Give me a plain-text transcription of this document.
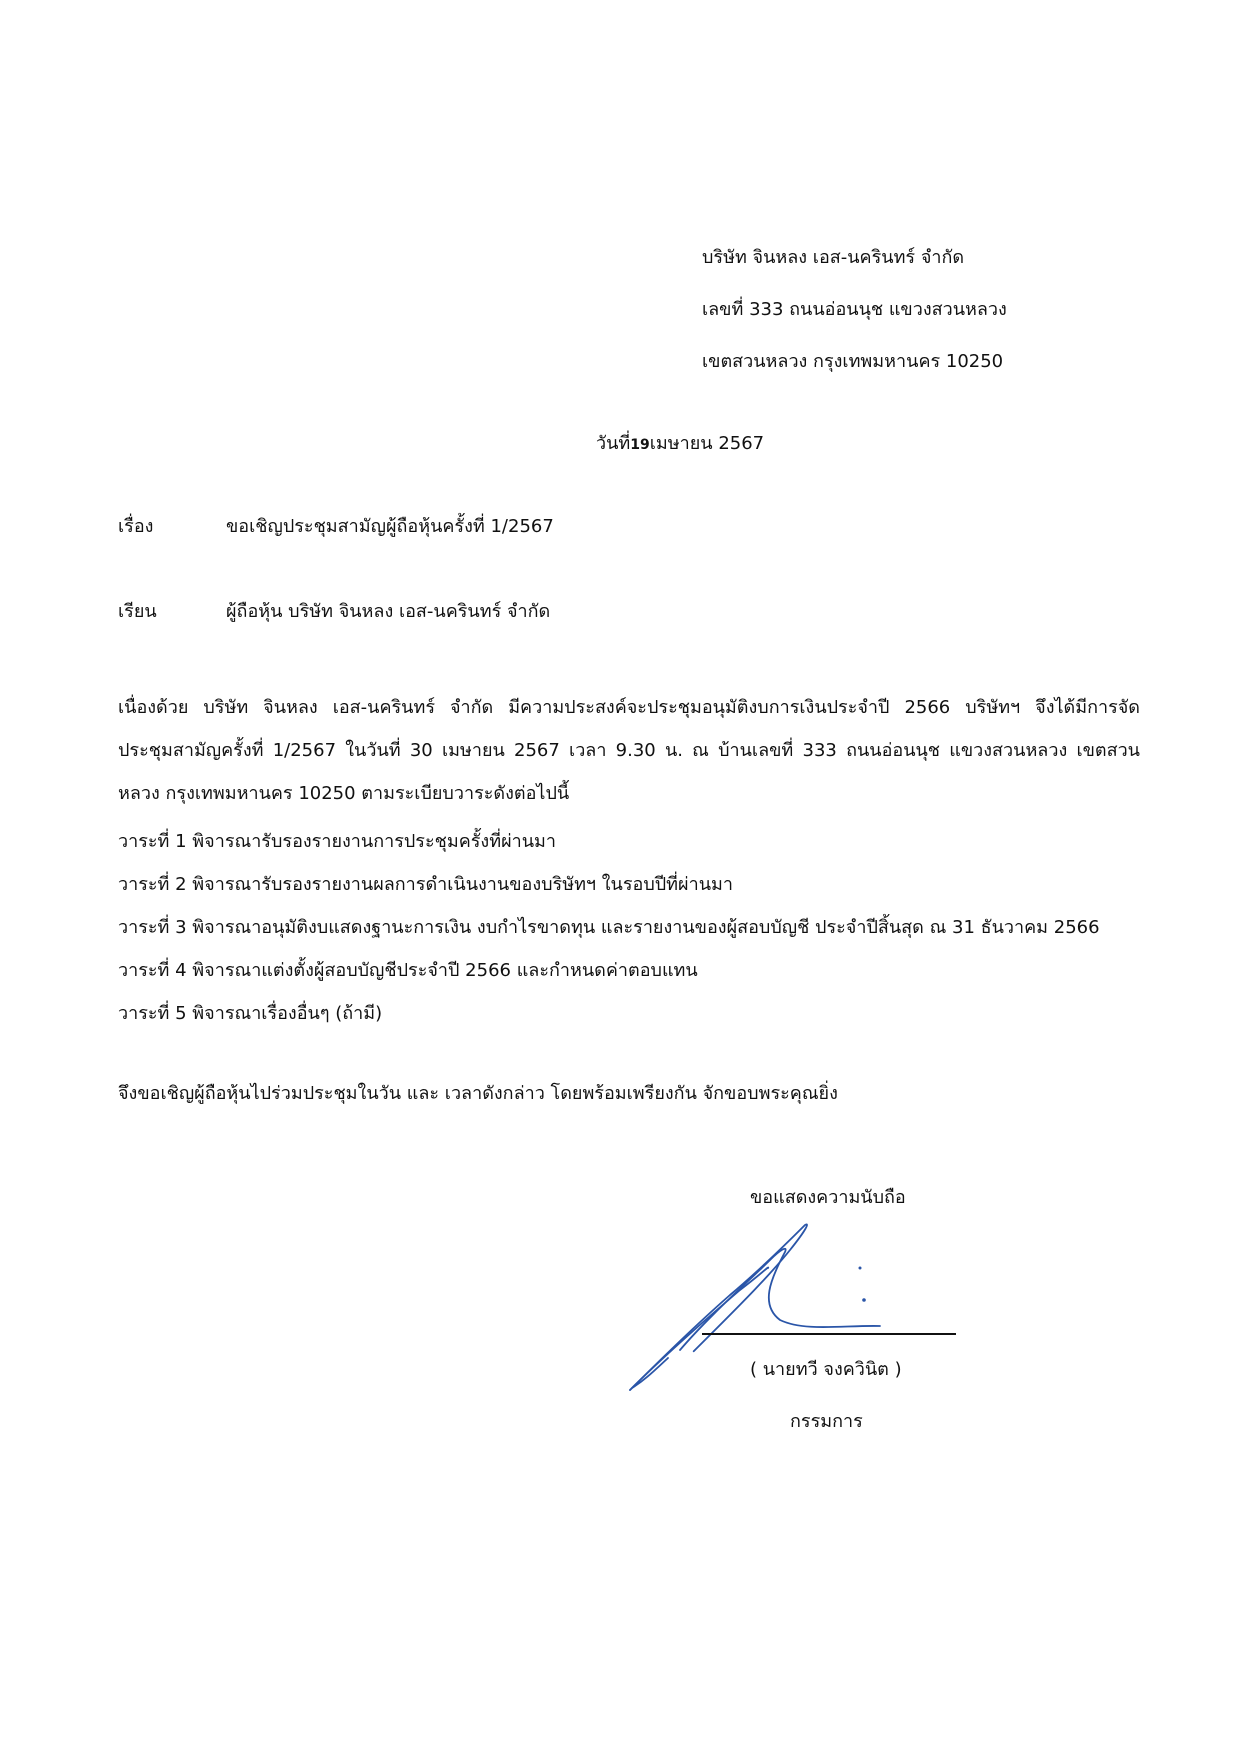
บริษัท จินหลง เอส-นครินทร์ จำกัด
เลขที่ 333 ถนนอ่อนนุช แขวงสวนหลวง
เขตสวนหลวง กรุงเทพมหานคร 10250
วันที่19เมษายน 2567
เรื่อง	ขอเชิญประชุมสามัญผู้ถือหุ้นครั้งที่ 1/2567
เรียน	ผู้ถือหุ้น บริษัท จินหลง เอส-นครินทร์ จำกัด
เนื่องด้วย บริษัท จินหลง เอส-นครินทร์ จำกัด มีความประสงค์จะประชุมอนุมัติงบการเงินประจำปี 2566 บริษัทฯ จึงได้มีการจัด
ประชุมสามัญครั้งที่ 1/2567 ในวันที่ 30 เมษายน 2567 เวลา 9.30 น. ณ บ้านเลขที่ 333 ถนนอ่อนนุช แขวงสวนหลวง เขตสวน
หลวง กรุงเทพมหานคร 10250 ตามระเบียบวาระดังต่อไปนี้
วาระที่ 1 พิจารณารับรองรายงานการประชุมครั้งที่ผ่านมา
วาระที่ 2 พิจารณารับรองรายงานผลการดำเนินงานของบริษัทฯ ในรอบปีที่ผ่านมา
วาระที่ 3 พิจารณาอนุมัติงบแสดงฐานะการเงิน งบกำไรขาดทุน และรายงานของผู้สอบบัญชี ประจำปีสิ้นสุด ณ 31 ธันวาคม 2566
วาระที่ 4 พิจารณาแต่งตั้งผู้สอบบัญชีประจำปี 2566 และกำหนดค่าตอบแทน
วาระที่ 5 พิจารณาเรื่องอื่นๆ (ถ้ามี)
จึงขอเชิญผู้ถือหุ้นไปร่วมประชุมในวัน และ เวลาดังกล่าว โดยพร้อมเพรียงกัน จักขอบพระคุณยิ่ง
ขอแสดงความนับถือ
( นายทวี จงควินิต )
กรรมการ
